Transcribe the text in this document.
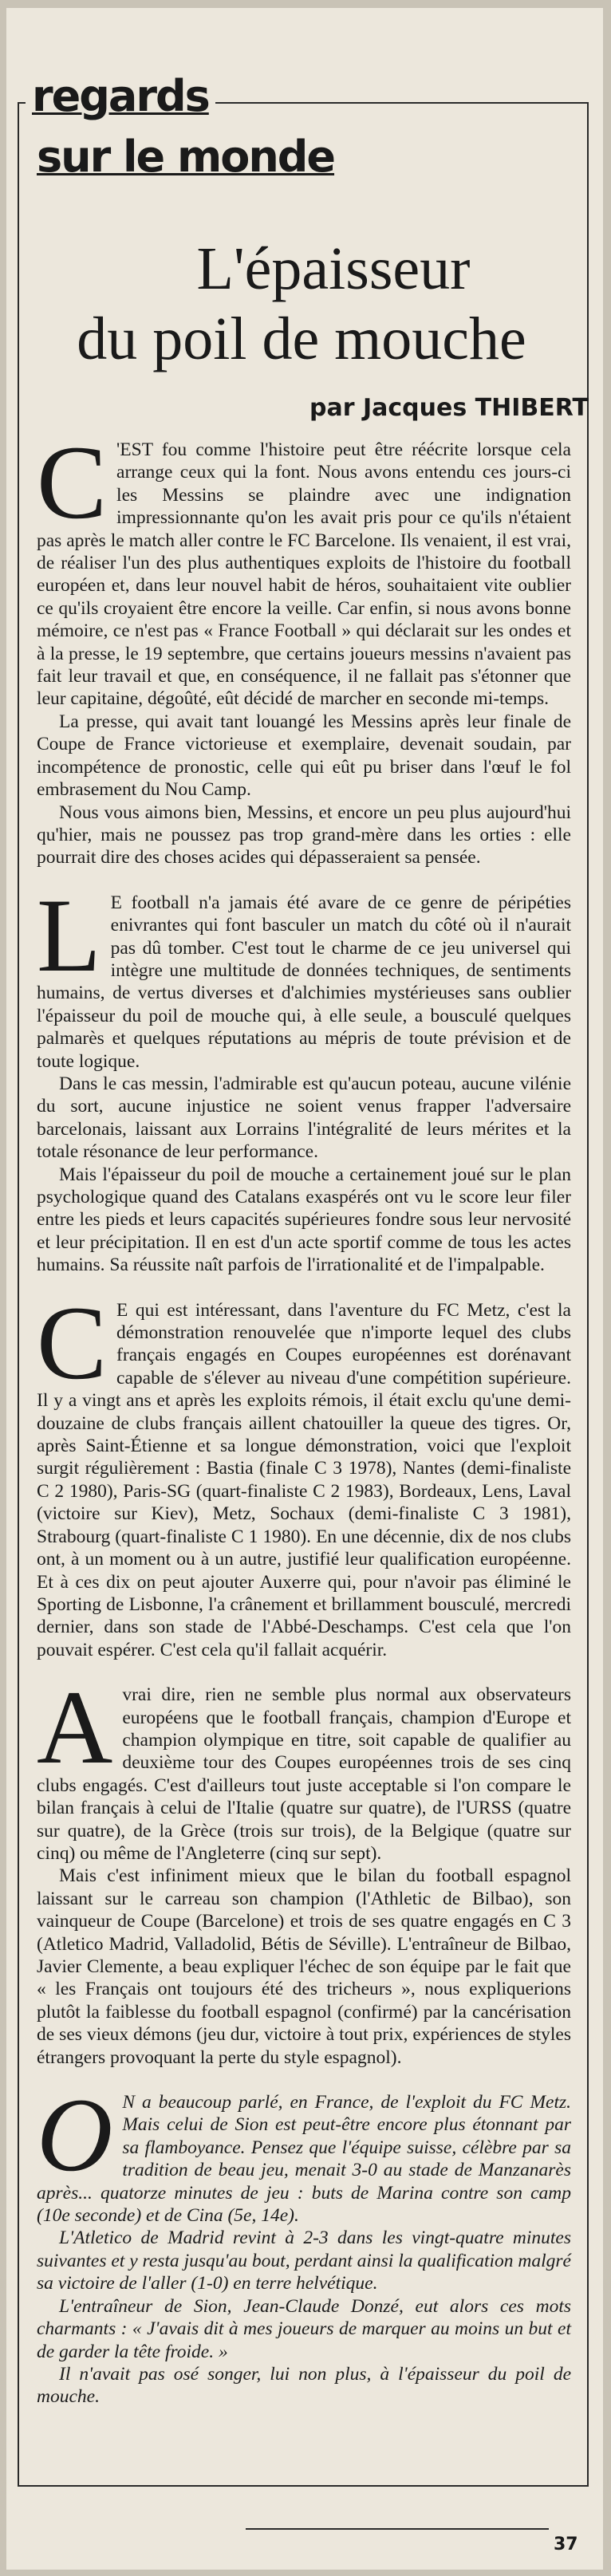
regards
sur le monde
L'épaisseur
du poil de mouche
par Jacques THIBERT
C 'EST fou comme l'histoire peut être réécrite lorsque cela arrange ceux qui la font. Nous avons entendu ces jours-ci les Messins se plaindre avec une indignation impressionnante qu'on les avait pris pour ce qu'ils n'étaient pas après le match aller contre le FC Barcelone. Ils venaient, il est vrai, de réaliser l'un des plus authentiques exploits de l'histoire du football européen et, dans leur nouvel habit de héros, souhaitaient vite oublier ce qu'ils croyaient être encore la veille. Car enfin, si nous avons bonne mémoire, ce n'est pas « France Football » qui déclarait sur les ondes et à la presse, le 19 septembre, que certains joueurs messins n'avaient pas fait leur travail et que, en conséquence, il ne fallait pas s'étonner que leur capitaine, dégoûté, eût décidé de marcher en seconde mi-temps.

La presse, qui avait tant louangé les Messins après leur finale de Coupe de France victorieuse et exemplaire, devenait soudain, par incompétence de pronostic, celle qui eût pu briser dans l'œuf le fol embrasement du Nou Camp.

Nous vous aimons bien, Messins, et encore un peu plus aujourd'hui qu'hier, mais ne poussez pas trop grand-mère dans les orties : elle pourrait dire des choses acides qui dépasseraient sa pensée.

L E football n'a jamais été avare de ce genre de péripéties enivrantes qui font basculer un match du côté où il n'aurait pas dû tomber. C'est tout le charme de ce jeu universel qui intègre une multitude de données techniques, de sentiments humains, de vertus diverses et d'alchimies mystérieuses sans oublier l'épaisseur du poil de mouche qui, à elle seule, a bousculé quelques palmarès et quelques réputations au mépris de toute prévision et de toute logique.

Dans le cas messin, l'admirable est qu'aucun poteau, aucune vilénie du sort, aucune injustice ne soient venus frapper l'adversaire barcelonais, laissant aux Lorrains l'intégralité de leurs mérites et la totale résonance de leur performance.

Mais l'épaisseur du poil de mouche a certainement joué sur le plan psychologique quand des Catalans exaspérés ont vu le score leur filer entre les pieds et leurs capacités supérieures fondre sous leur nervosité et leur précipitation. Il en est d'un acte sportif comme de tous les actes humains. Sa réussite naît parfois de l'irrationalité et de l'impalpable.

C E qui est intéressant, dans l'aventure du FC Metz, c'est la démonstration renouvelée que n'importe lequel des clubs français engagés en Coupes européennes est dorénavant capable de s'élever au niveau d'une compétition supérieure. Il y a vingt ans et après les exploits rémois, il était exclu qu'une demi-douzaine de clubs français aillent chatouiller la queue des tigres. Or, après Saint-Étienne et sa longue démonstration, voici que l'exploit surgit régulièrement : Bastia (finale C 3 1978), Nantes (demi-finaliste C 2 1980), Paris-SG (quart-finaliste C 2 1983), Bordeaux, Lens, Laval (victoire sur Kiev), Metz, Sochaux (demi-finaliste C 3 1981), Strabourg (quart-finaliste C 1 1980). En une décennie, dix de nos clubs ont, à un moment ou à un autre, justifié leur qualification européenne. Et à ces dix on peut ajouter Auxerre qui, pour n'avoir pas éliminé le Sporting de Lisbonne, l'a crânement et brillamment bousculé, mercredi dernier, dans son stade de l'Abbé-Deschamps. C'est cela que l'on pouvait espérer. C'est cela qu'il fallait acquérir.

A vrai dire, rien ne semble plus normal aux observateurs européens que le football français, champion d'Europe et champion olympique en titre, soit capable de qualifier au deuxième tour des Coupes européennes trois de ses cinq clubs engagés. C'est d'ailleurs tout juste acceptable si l'on compare le bilan français à celui de l'Italie (quatre sur quatre), de l'URSS (quatre sur quatre), de la Grèce (trois sur trois), de la Belgique (quatre sur cinq) ou même de l'Angleterre (cinq sur sept).

Mais c'est infiniment mieux que le bilan du football espagnol laissant sur le carreau son champion (l'Athletic de Bilbao), son vainqueur de Coupe (Barcelone) et trois de ses quatre engagés en C 3 (Atletico Madrid, Valladolid, Bétis de Séville). L'entraîneur de Bilbao, Javier Clemente, a beau expliquer l'échec de son équipe par le fait que « les Français ont toujours été des tricheurs », nous expliquerions plutôt la faiblesse du football espagnol (confirmé) par la cancérisation de ses vieux démons (jeu dur, victoire à tout prix, expériences de styles étrangers provoquant la perte du style espagnol).

O N a beaucoup parlé, en France, de l'exploit du FC Metz. Mais celui de Sion est peut-être encore plus étonnant par sa flamboyance. Pensez que l'équipe suisse, célèbre par sa tradition de beau jeu, menait 3-0 au stade de Manzanarès après... quatorze minutes de jeu : buts de Marina contre son camp (10e seconde) et de Cina (5e, 14e).

L'Atletico de Madrid revint à 2-3 dans les vingt-quatre minutes suivantes et y resta jusqu'au bout, perdant ainsi la qualification malgré sa victoire de l'aller (1-0) en terre helvétique.

L'entraîneur de Sion, Jean-Claude Donzé, eut alors ces mots charmants : « J'avais dit à mes joueurs de marquer au moins un but et de garder la tête froide. »

Il n'avait pas osé songer, lui non plus, à l'épaisseur du poil de mouche.

37
